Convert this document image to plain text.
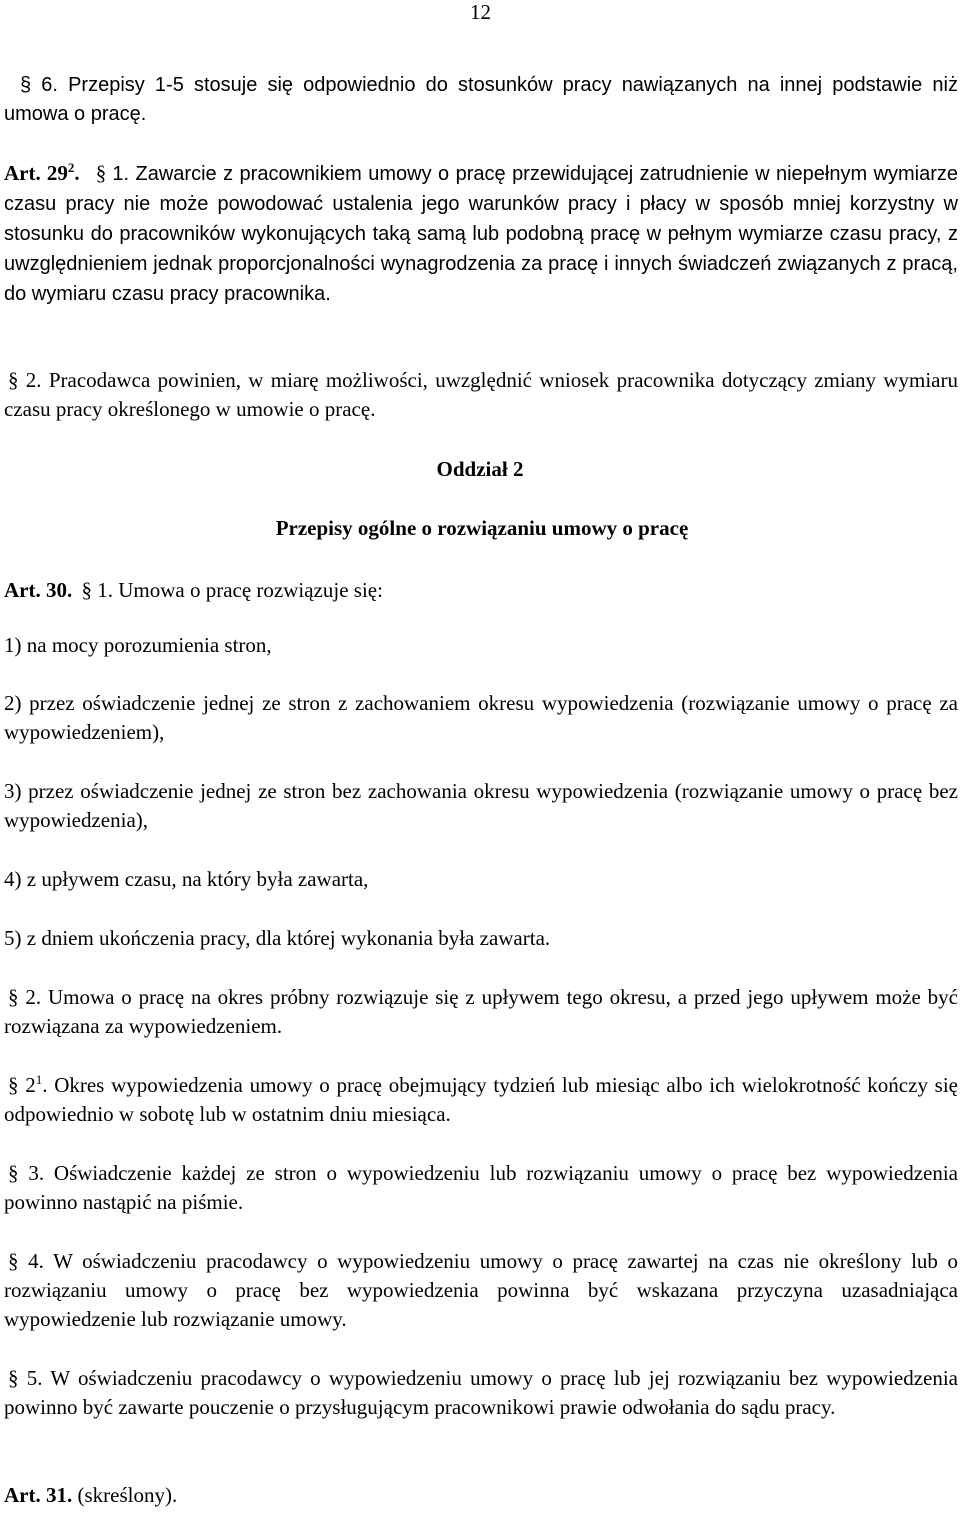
12

§ 6. Przepisy 1-5 stosuje się odpowiednio do stosunków pracy nawiązanych na innej podstawie niż umowa o pracę.

Art. $29^2$. § 1. Zawarcie z pracownikiem umowy o pracę przewidującej zatrudnienie w niepełnym wymiarze czasu pracy nie może powodować ustalenia jego warunków pracy i płacy w sposób mniej korzystny w stosunku do pracowników wykonujących taką samą lub podobną pracę w pełnym wymiarze czasu pracy, z uwzględnieniem jednak proporcjonalności wynagrodzenia za pracę i innych świadczeń związanych z pracą, do wymiaru czasu pracy pracownika.

§ 2. Pracodawca powinien, w miarę możliwości, uwzględnić wniosek pracownika dotyczący zmiany wymiaru czasu pracy określonego w umowie o pracę.

Oddział 2

Przepisy ogólne o rozwiązaniu umowy o pracę

Art. 30. § 1. Umowa o pracę rozwiązuje się:

1) na mocy porozumienia stron,

2) przez oświadczenie jednej ze stron z zachowaniem okresu wypowiedzenia (rozwiązanie umowy o pracę za wypowiedzeniem),

3) przez oświadczenie jednej ze stron bez zachowania okresu wypowiedzenia (rozwiązanie umowy o pracę bez wypowiedzenia),

4) z upływem czasu, na który była zawarta,

5) z dniem ukończenia pracy, dla której wykonania była zawarta.

§ 2. Umowa o pracę na okres próbny rozwiązuje się z upływem tego okresu, a przed jego upływem może być rozwiązana za wypowiedzeniem.

§ $2^1$. Okres wypowiedzenia umowy o pracę obejmujący tydzień lub miesiąc albo ich wielokrotność kończy się odpowiednio w sobotę lub w ostatnim dniu miesiąca.

§ 3. Oświadczenie każdej ze stron o wypowiedzeniu lub rozwiązaniu umowy o pracę bez wypowiedzenia powinno nastąpić na piśmie.

§ 4. W oświadczeniu pracodawcy o wypowiedzeniu umowy o pracę zawartej na czas nie określony lub o rozwiązaniu umowy o pracę bez wypowiedzenia powinna być wskazana przyczyna uzasadniająca wypowiedzenie lub rozwiązanie umowy.

§ 5. W oświadczeniu pracodawcy o wypowiedzeniu umowy o pracę lub jej rozwiązaniu bez wypowiedzenia powinno być zawarte pouczenie o przysługującym pracownikowi prawie odwołania do sądu pracy.

Art. 31. (skreślony).
